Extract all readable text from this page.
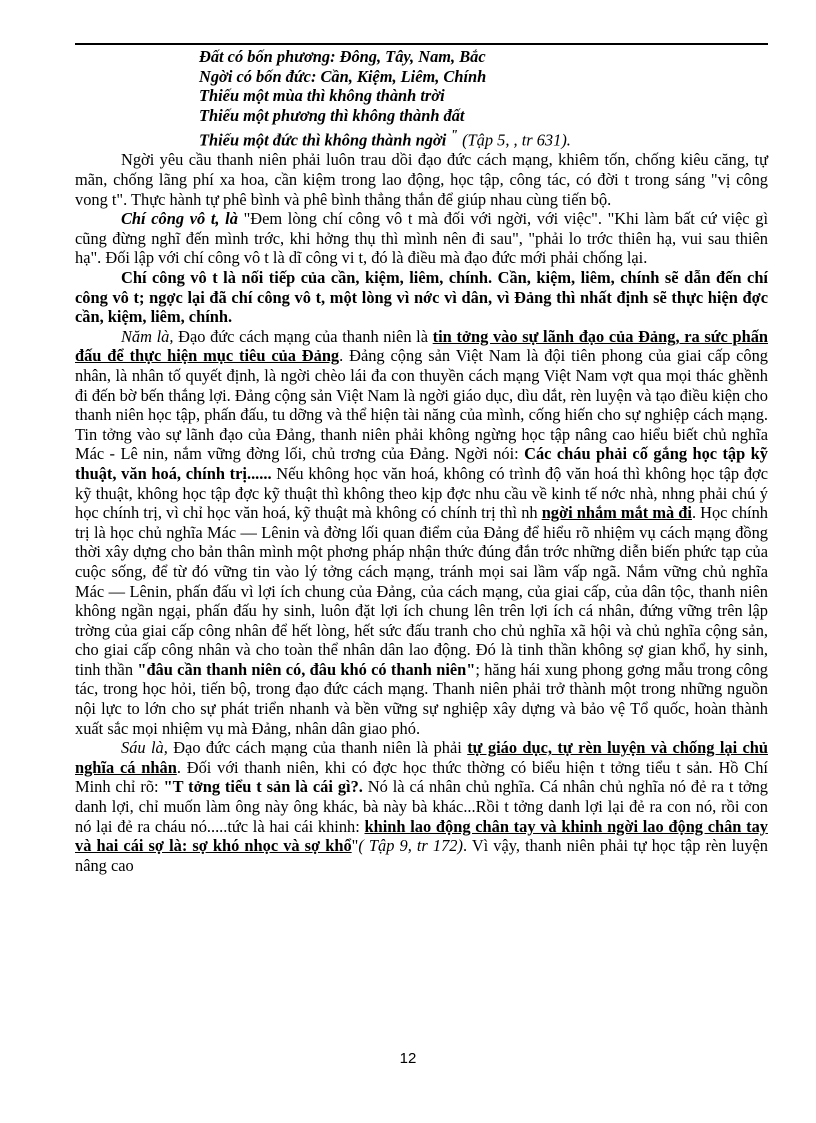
Đất có bốn phương: Đông, Tây, Nam, Bắc
Ngời có bốn đức: Cần, Kiệm, Liêm, Chính
Thiếu một mùa thì không thành trời
Thiếu một phương thì không thành đất
Thiếu một đức thì không thành ngời " (Tập 5, , tr 631).

Ngời yêu cầu thanh niên phải luôn trau dồi đạo đức cách mạng, khiêm tốn, chống kiêu căng, tự mãn, chống lãng phí xa hoa, cần kiệm trong lao động, học tập, công tác, có đời t trong sáng "vị công vong t". Thực hành tự phê bình và phê bình thẳng thắn để giúp nhau cùng tiến bộ.

Chí công vô t, là "Đem lòng chí công vô t mà đối với ngời, với việc". "Khi làm bất cứ việc gì cũng đừng nghĩ đến mình trớc, khi hởng thụ thì mình nên đi sau", "phải lo trớc thiên hạ, vui sau thiên hạ". Đối lập với chí công vô t là dĩ công vi t, đó là điều mà đạo đức mới phải chống lại.

Chí công vô t là nối tiếp của cần, kiệm, liêm, chính. Cần, kiệm, liêm, chính sẽ dẫn đến chí công vô t; ngợc lại đã chí công vô t, một lòng vì nớc vì dân, vì Đảng thì nhất định sẽ thực hiện đợc cần, kiệm, liêm, chính.

Năm là, Đạo đức cách mạng của thanh niên là tin tởng vào sự lãnh đạo của Đảng, ra sức phấn đấu để thực hiện mục tiêu của Đảng. Đảng cộng sản Việt Nam là đội tiên phong của giai cấp công nhân, là nhân tố quyết định, là ngời chèo lái đa con thuyền cách mạng Việt Nam vợt qua mọi thác ghềnh đi đến bờ bến thắng lợi. Đảng cộng sản Việt Nam là ngời giáo dục, dìu dắt, rèn luyện và tạo điều kiện cho thanh niên học tập, phấn đấu, tu dỡng và thể hiện tài năng của mình, cống hiến cho sự nghiệp cách mạng. Tin tởng vào sự lãnh đạo của Đảng, thanh niên phải không ngừng học tập nâng cao hiểu biết chủ nghĩa Mác - Lê nin, nắm vững đờng lối, chủ trơng của Đảng. Ngời nói: Các cháu phải cố gắng học tập kỹ thuật, văn hoá, chính trị...... Nếu không học văn hoá, không có trình độ văn hoá thì không học tập đợc kỹ thuật, không học tập đợc kỹ thuật thì không theo kịp đợc nhu cầu về kinh tế nớc nhà, nhng phải chú ý học chính trị, vì chỉ học văn hoá, kỹ thuật mà không có chính trị thì nh ngời nhắm mắt mà đi. Học chính trị là học chủ nghĩa Mác — Lênin và đờng lối quan điểm của Đảng để hiểu rõ nhiệm vụ cách mạng đồng thời xây dựng cho bản thân mình một phơng pháp nhận thức đúng đắn trớc những diễn biến phức tạp của cuộc sống, để từ đó vững tin vào lý tởng cách mạng, tránh mọi sai lầm vấp ngã. Nắm vững chủ nghĩa Mác — Lênin, phấn đấu vì lợi ích chung của Đảng, của cách mạng, của giai cấp, của dân tộc, thanh niên không ngần ngại, phấn đấu hy sinh, luôn đặt lợi ích chung lên trên lợi ích cá nhân, đứng vững trên lập trờng của giai cấp công nhân để hết lòng, hết sức đấu tranh cho chủ nghĩa xã hội và chủ nghĩa cộng sản, cho giai cấp công nhân và cho toàn thể nhân dân lao động. Đó là tinh thần không sợ gian khổ, hy sinh, tinh thần "đâu cần thanh niên có, đâu khó có thanh niên"; hăng hái xung phong gơng mẫu trong công tác, trong học hỏi, tiến bộ, trong đạo đức cách mạng. Thanh niên phải trở thành một trong những nguồn nội lực to lớn cho sự phát triển nhanh và bền vững sự nghiệp xây dựng và bảo vệ Tổ quốc, hoàn thành xuất sắc mọi nhiệm vụ mà Đảng, nhân dân giao phó.

Sáu là, Đạo đức cách mạng của thanh niên là phải tự giáo dục, tự rèn luyện và chống lại chủ nghĩa cá nhân. Đối với thanh niên, khi có đợc học thức thờng có biểu hiện t tởng tiểu t sản. Hồ Chí Minh chỉ rõ: "T tởng tiểu t sản là cái gì?. Nó là cá nhân chủ nghĩa. Cá nhân chủ nghĩa nó đẻ ra t tởng danh lợi, chỉ muốn làm ông này ông khác, bà này bà khác...Rồi t tởng danh lợi lại đẻ ra con nó, rồi con nó lại đẻ ra cháu nó.....tức là hai cái khinh: khinh lao động chân tay và khinh ngời lao động chân tay và hai cái sợ là: sợ khó nhọc và sợ khổ"( Tập 9, tr 172). Vì vậy, thanh niên phải tự học tập rèn luyện nâng cao

12
